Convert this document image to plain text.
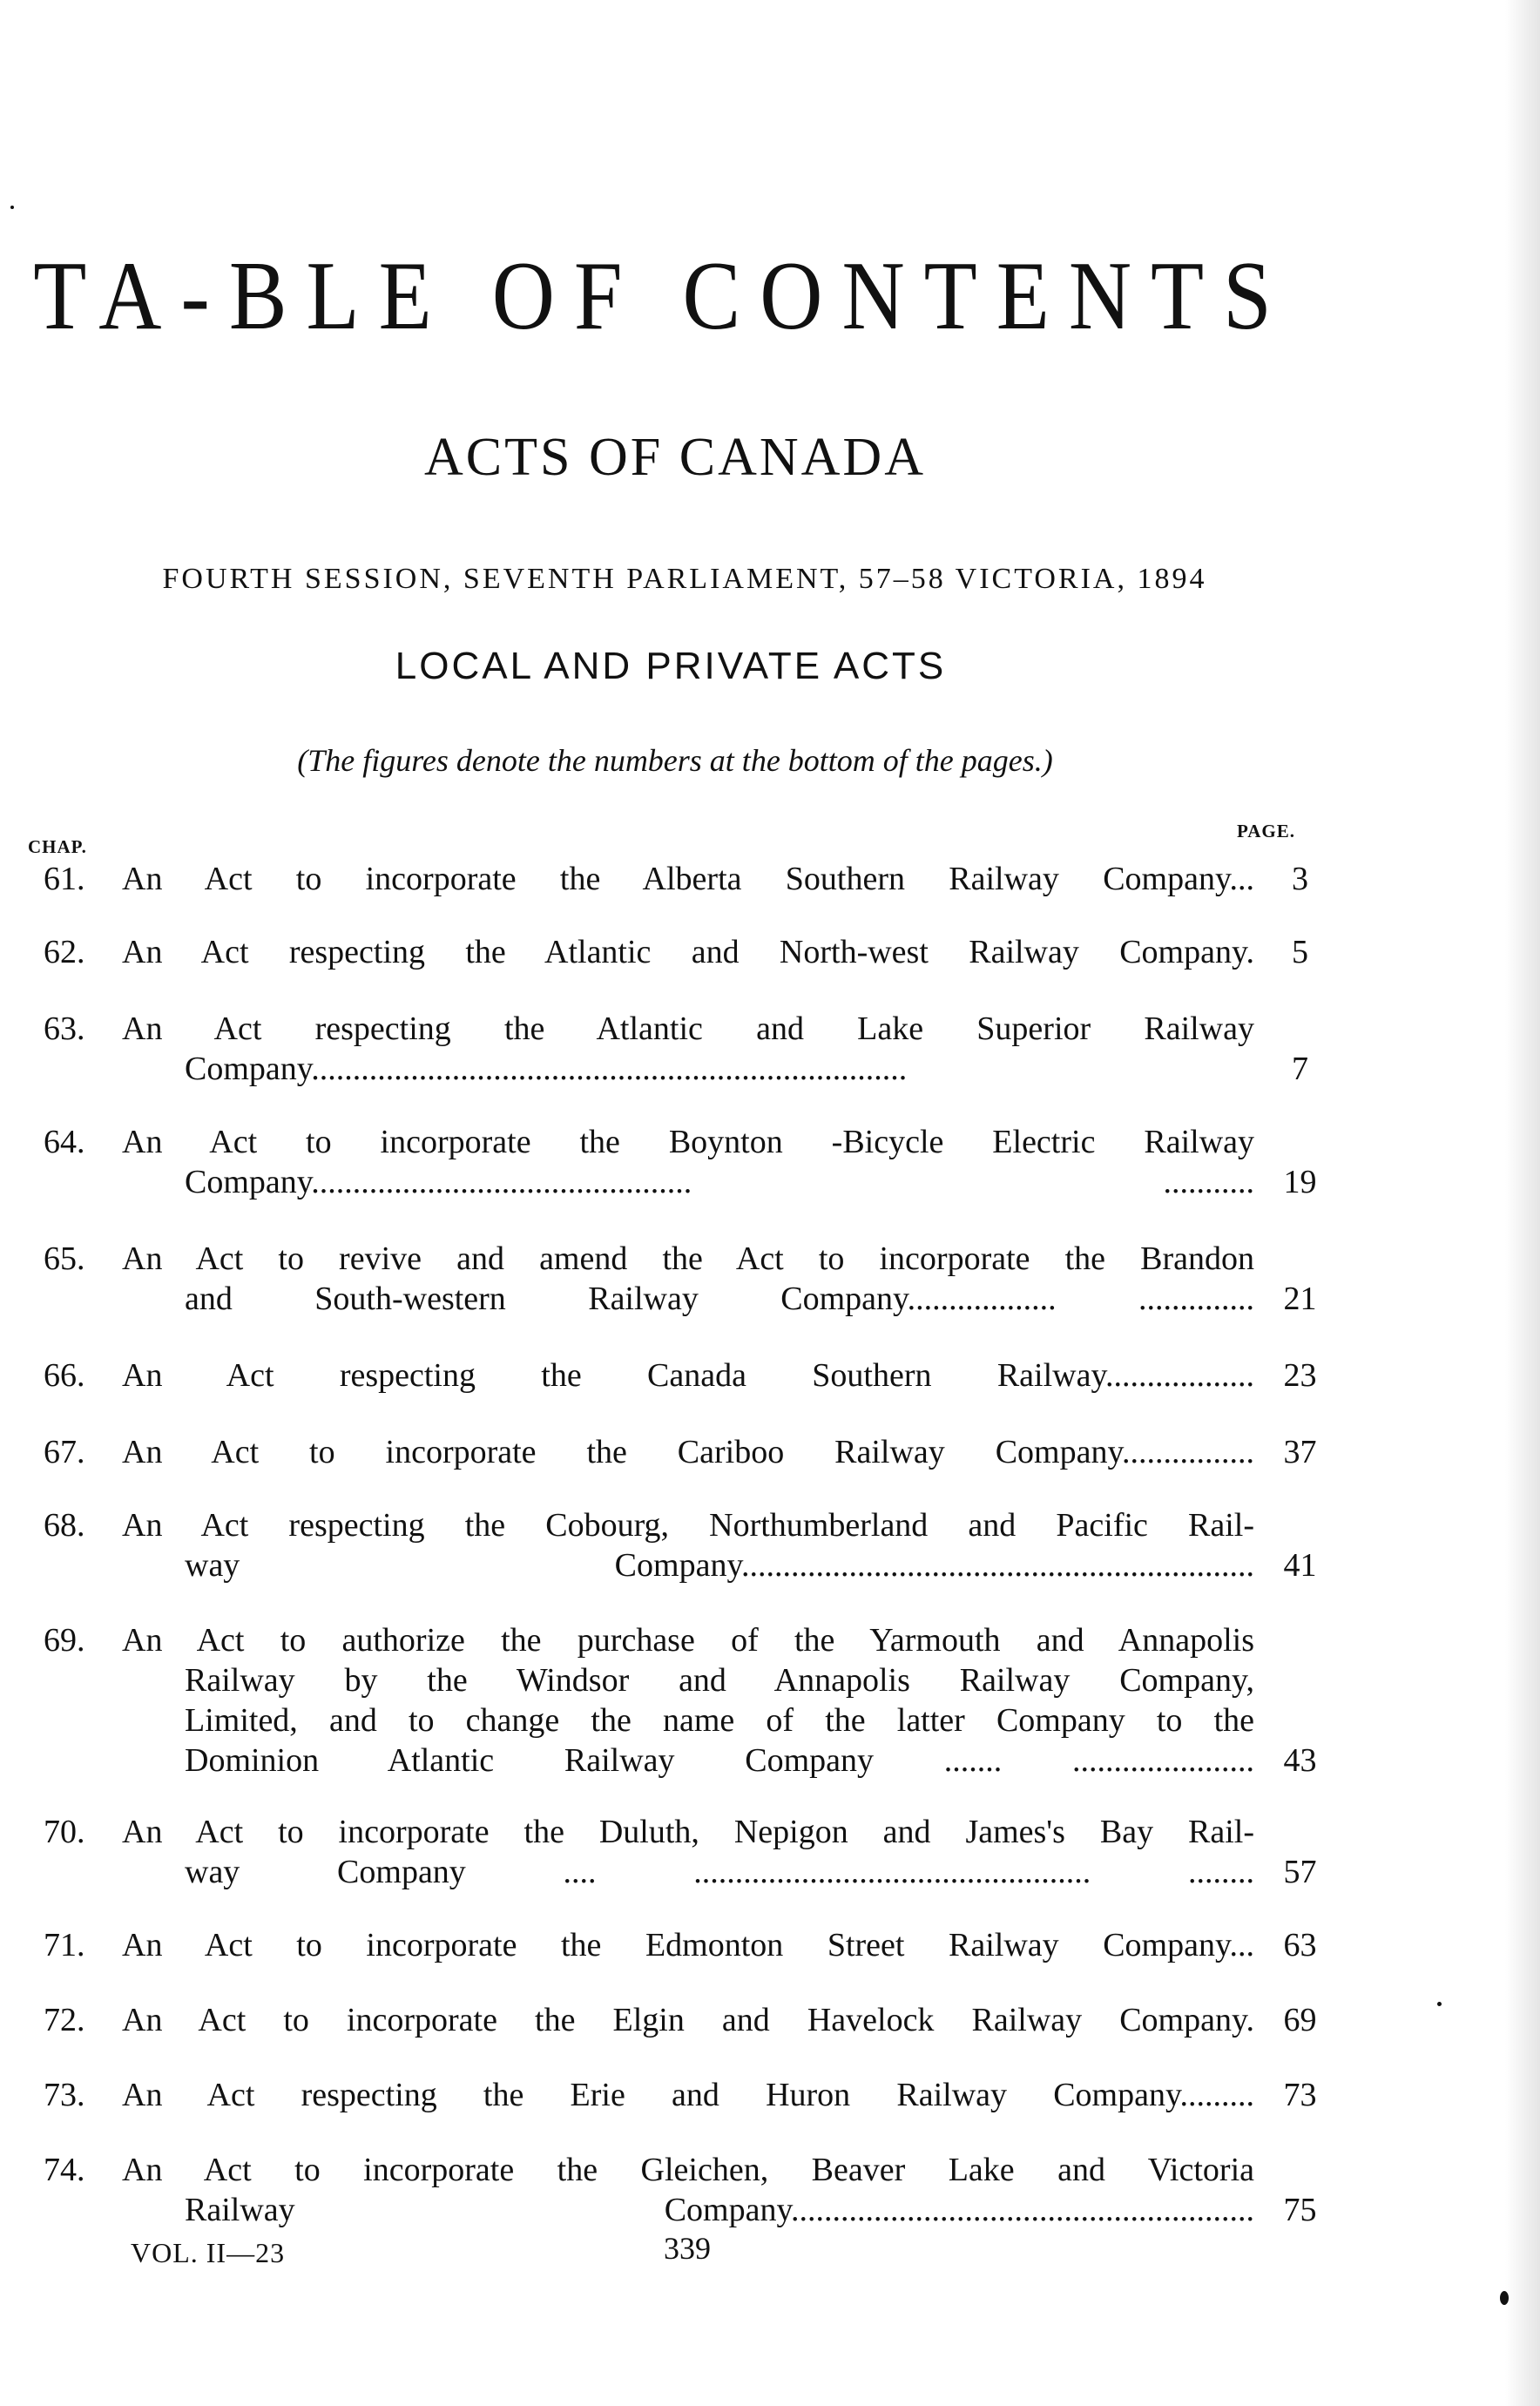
TA-BLE OF CONTENTS
ACTS OF CANADA
FOURTH SESSION, SEVENTH PARLIAMENT, 57–58 VICTORIA, 1894
LOCAL AND PRIVATE ACTS
(The figures denote the numbers at the bottom of the pages.)
CHAP.
PAGE.
61.	An Act to incorporate the Alberta Southern Railway Company...	3
62.	An Act respecting the Atlantic and North-west Railway Company.	5
63.	An Act respecting the Atlantic and Lake Superior Railway
Company........................................................................	7
64.	An Act to incorporate the Boynton -Bicycle Electric Railway
Company.............................................. ........... 19
65.	An Act to revive and amend the Act to incorporate the Brandon
and South-western Railway Company.................. .............. 21
66.	An Act respecting the Canada Southern Railway.................. 23
67.	An Act to incorporate the Cariboo Railway Company................ 37
68.	An Act respecting the Cobourg, Northumberland and Pacific Rail-
way Company.............................................................. 41
69.	An Act to authorize the purchase of the Yarmouth and Annapolis
Railway by the Windsor and Annapolis Railway Company,
Limited, and to change the name of the latter Company to the
Dominion Atlantic Railway Company ....... ...................... 43
70.	An Act to incorporate the Duluth, Nepigon and James's Bay Rail-
way Company .... ................................................ ........ 57
71.	An Act to incorporate the Edmonton Street Railway Company... 63
72.	An Act to incorporate the Elgin and Havelock Railway Company. 69
73.	An Act respecting the Erie and Huron Railway Company......... 73
74.	An Act to incorporate the Gleichen, Beaver Lake and Victoria
Railway Company........................................................ 75
VOL. II—23	339
